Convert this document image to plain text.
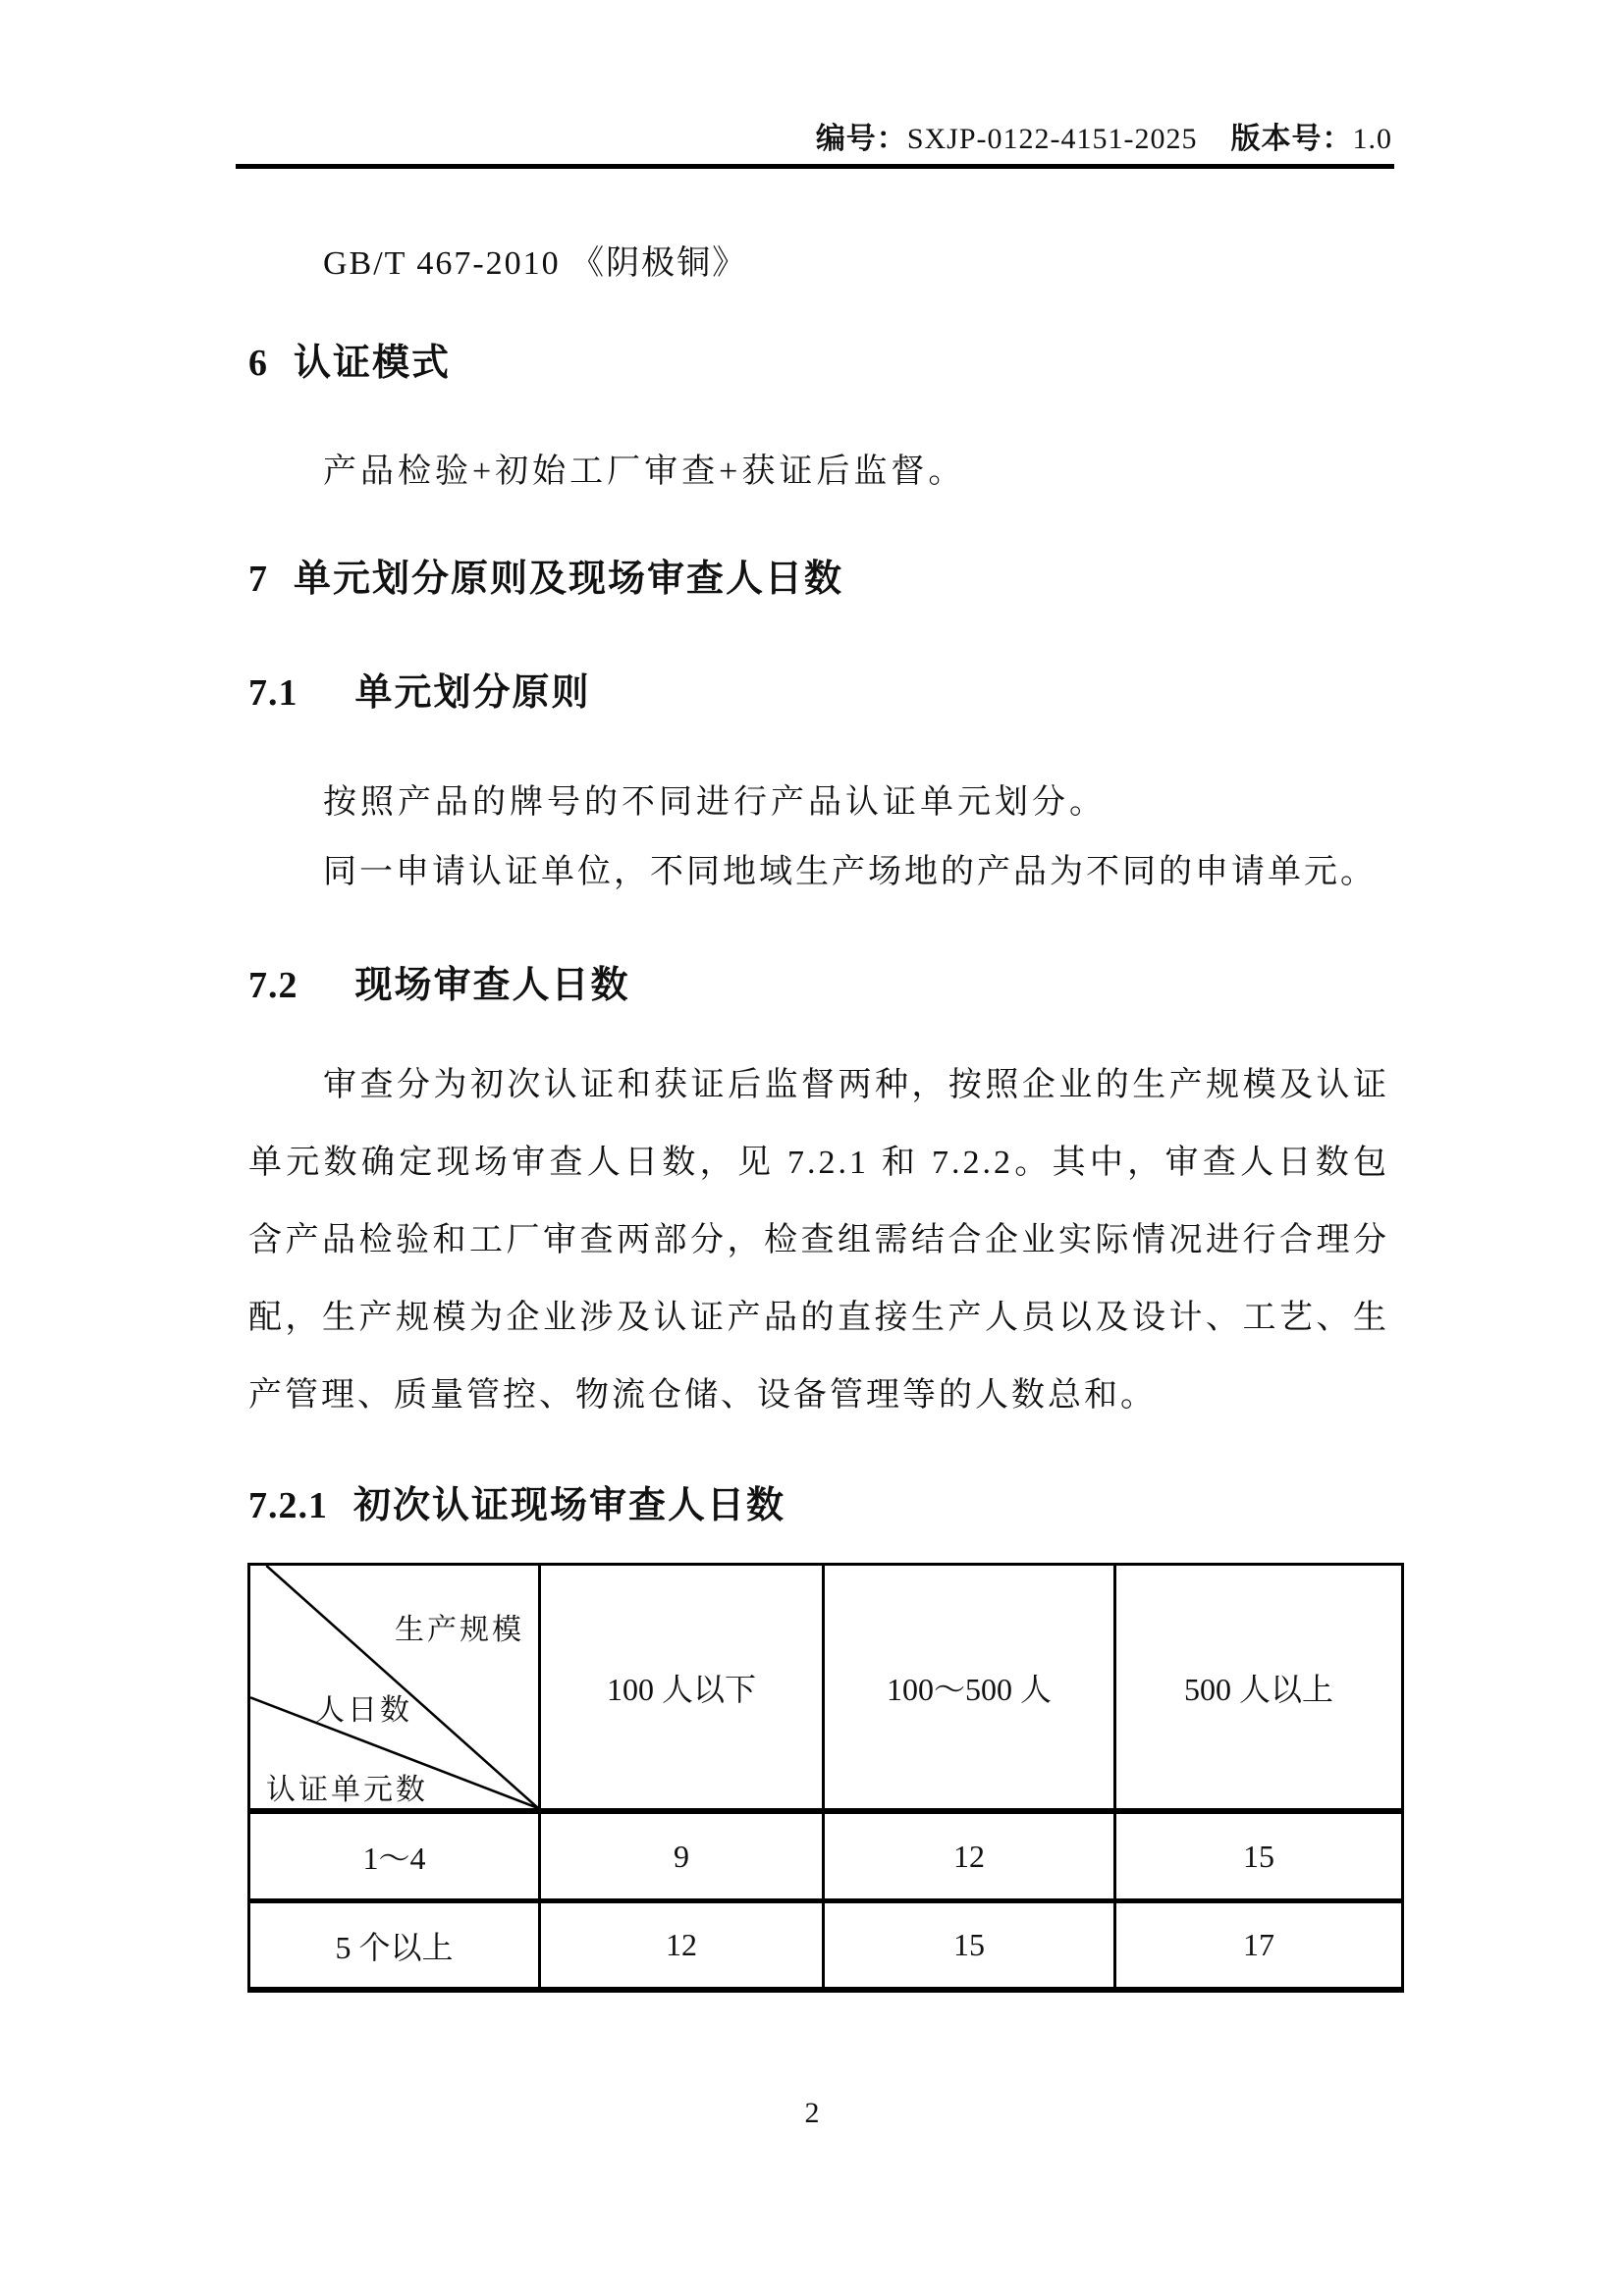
编号：SXJP-0122-4151-2025 版本号：1.0
GB/T 467-2010 《阴极铜》
6 认证模式
产品检验+初始工厂审查+获证后监督。
7 单元划分原则及现场审查人日数
7.1 单元划分原则
按照产品的牌号的不同进行产品认证单元划分。
同一申请认证单位，不同地域生产场地的产品为不同的申请单元。
7.2 现场审查人日数
审查分为初次认证和获证后监督两种，按照企业的生产规模及认证单元数确定现场审查人日数，见 7.2.1 和 7.2.2。其中，审查人日数包含产品检验和工厂审查两部分，检查组需结合企业实际情况进行合理分配，生产规模为企业涉及认证产品的直接生产人员以及设计、工艺、生产管理、质量管控、物流仓储、设备管理等的人数总和。
7.2.1 初次认证现场审查人日数
生产规模
人日数
认证单元数	100 人以下	100～500 人	500 人以上
1～4	9	12	15
5 个以上	12	15	17
2
